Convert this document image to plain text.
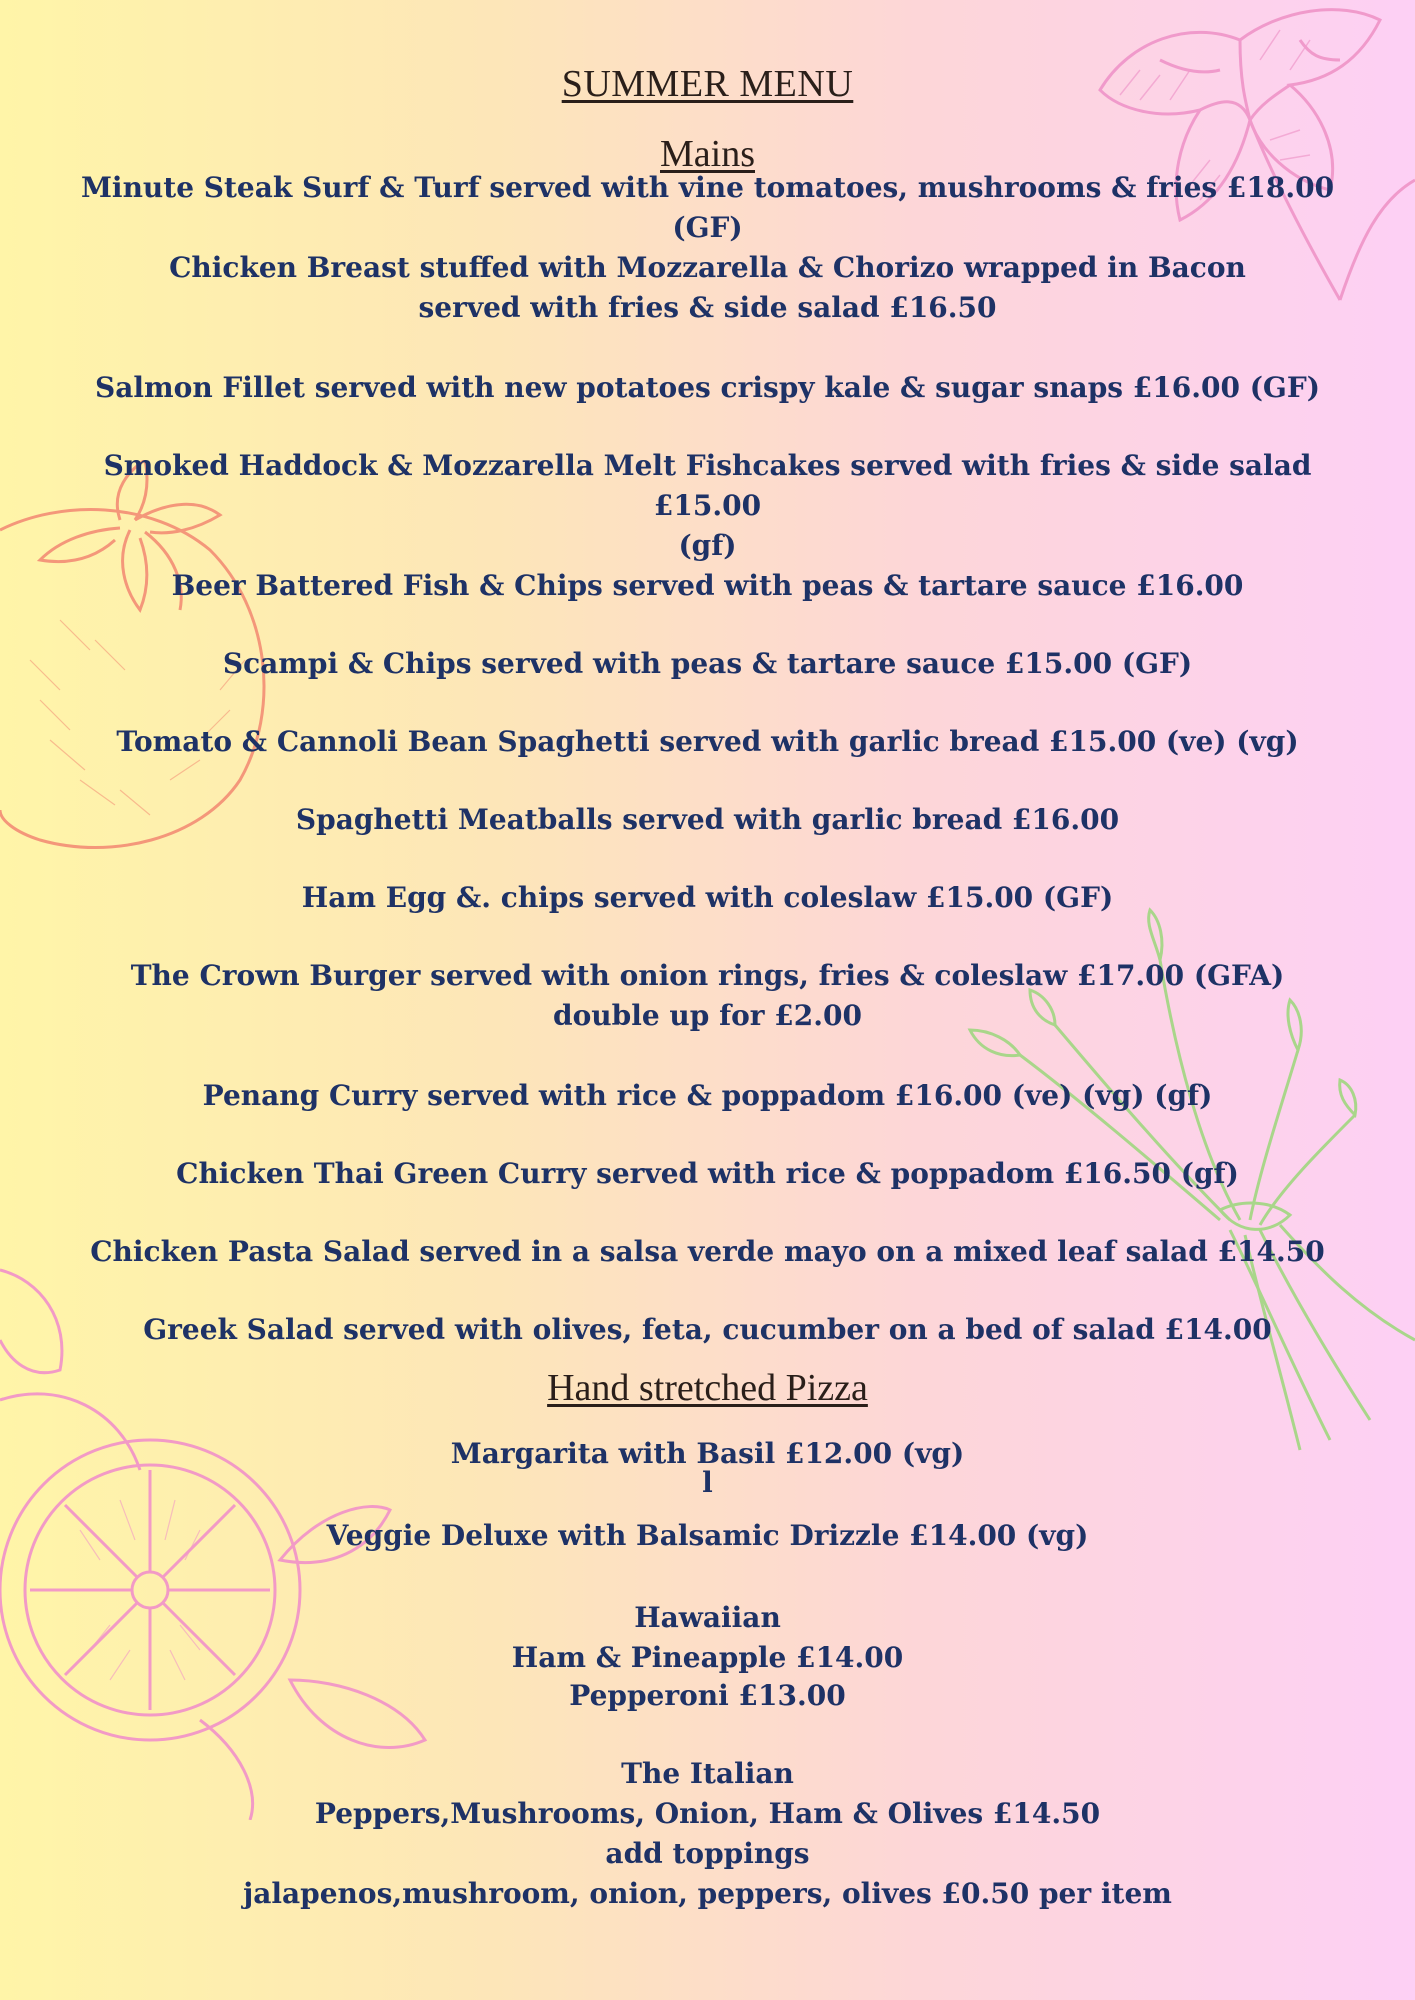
SUMMER MENU
Mains
Minute Steak Surf & Turf served with vine tomatoes, mushrooms & fries £18.00 (GF)
Chicken Breast stuffed with Mozzarella & Chorizo wrapped in Bacon
served with fries & side salad £16.50
Salmon Fillet served with new potatoes crispy kale & sugar snaps £16.00 (GF)
Smoked Haddock & Mozzarella Melt Fishcakes served with fries & side salad £15.00
(gf)
Beer Battered Fish & Chips served with peas & tartare sauce £16.00
Scampi & Chips served with peas & tartare sauce £15.00 (GF)
Tomato & Cannoli Bean Spaghetti served with garlic bread £15.00 (ve) (vg)
Spaghetti Meatballs served with garlic bread £16.00
Ham Egg &. chips served with coleslaw £15.00 (GF)
The Crown Burger served with onion rings, fries & coleslaw £17.00 (GFA)
double up for £2.00
Penang Curry served with rice & poppadom £16.00 (ve) (vg) (gf)
Chicken Thai Green Curry served with rice & poppadom £16.50 (gf)
Chicken Pasta Salad served in a salsa verde mayo on a mixed leaf salad £14.50
Greek Salad served with olives, feta, cucumber on a bed of salad £14.00
Hand stretched Pizza
Margarita with Basil £12.00 (vg)
l
Veggie Deluxe with Balsamic Drizzle £14.00 (vg)
Hawaiian
Ham & Pineapple £14.00
Pepperoni £13.00
The Italian
Peppers,Mushrooms, Onion, Ham & Olives £14.50
add toppings
jalapenos,mushroom, onion, peppers, olives £0.50 per item
